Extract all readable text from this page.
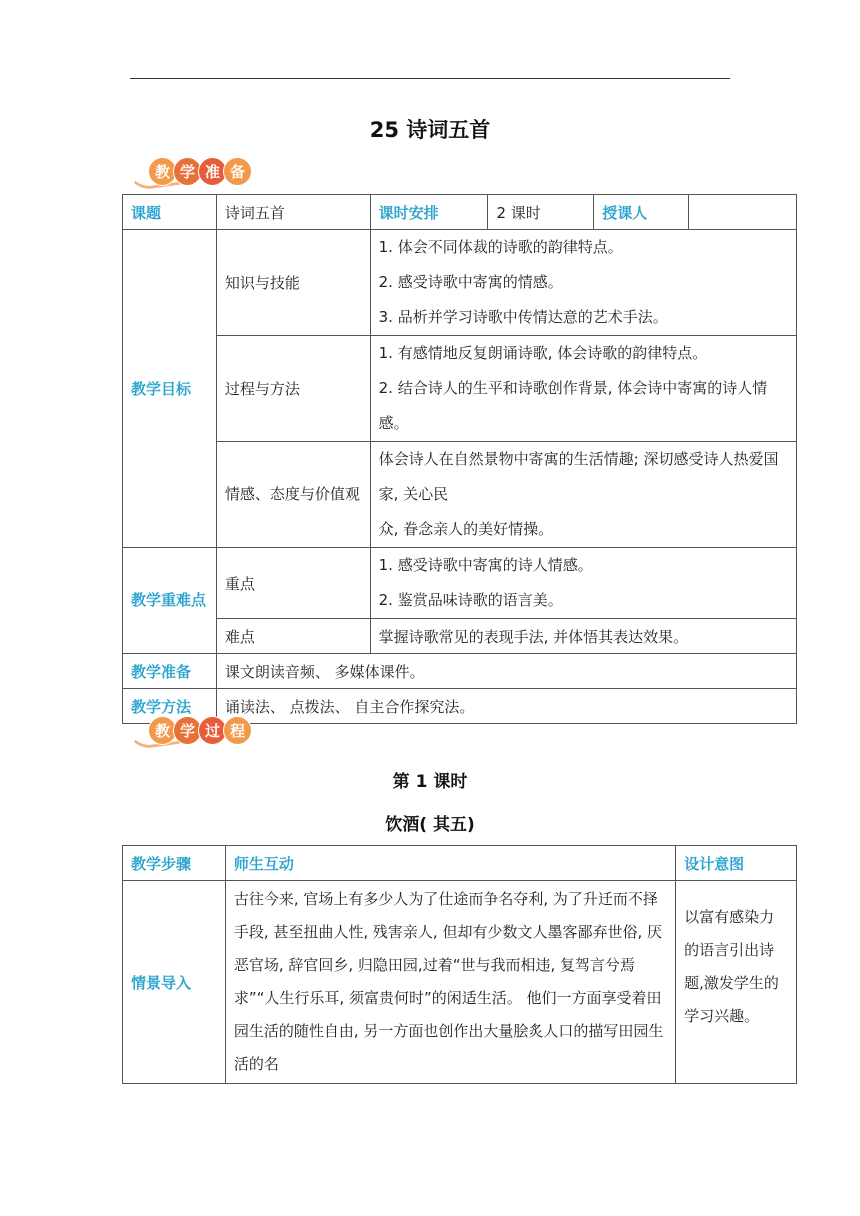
25 诗词五首
教 学 准 备
课题	诗词五首	课时安排	2 课时	授课人	
教学目标	知识与技能	1. 体会不同体裁的诗歌的韵律特点。
2. 感受诗歌中寄寓的情感。
3. 品析并学习诗歌中传情达意的艺术手法。			

	过程与方法	1. 有感情地反复朗诵诗歌, 体会诗歌的韵律特点。
2. 结合诗人的生平和诗歌创作背景, 体会诗中寄寓的诗人情感。			

	情感、态度与价值观	体会诗人在自然景物中寄寓的生活情趣; 深切感受诗人热爱国家, 关心民
众, 眷念亲人的美好情操。			

教学重难点	重点	1. 感受诗歌中寄寓的诗人情感。
2. 鉴赏品味诗歌的语言美。			

	难点	掌握诗歌常见的表现手法, 并体悟其表达效果。			
教学准备	课文朗读音频、 多媒体课件。				
教学方法	诵读法、 点拨法、 自主合作探究法。				
教 学 过 程
第 1 课时
饮酒( 其五)
教学步骤	师生互动	设计意图
情景导入	古往今来, 官场上有多少人为了仕途而争名夺利, 为了升迁而不择手段, 甚至扭曲人性, 残害亲人, 但却有少数文人墨客鄙弃世俗, 厌恶官场, 辞官回乡, 归隐田园,过着“世与我而相违, 复驾言兮焉求”“人生行乐耳, 须富贵何时”的闲适生活。 他们一方面享受着田园生活的随性自由, 另一方面也创作出大量脍炙人口的描写田园生活的名	以富有感染力的语言引出诗题,激发学生的学习兴趣。
